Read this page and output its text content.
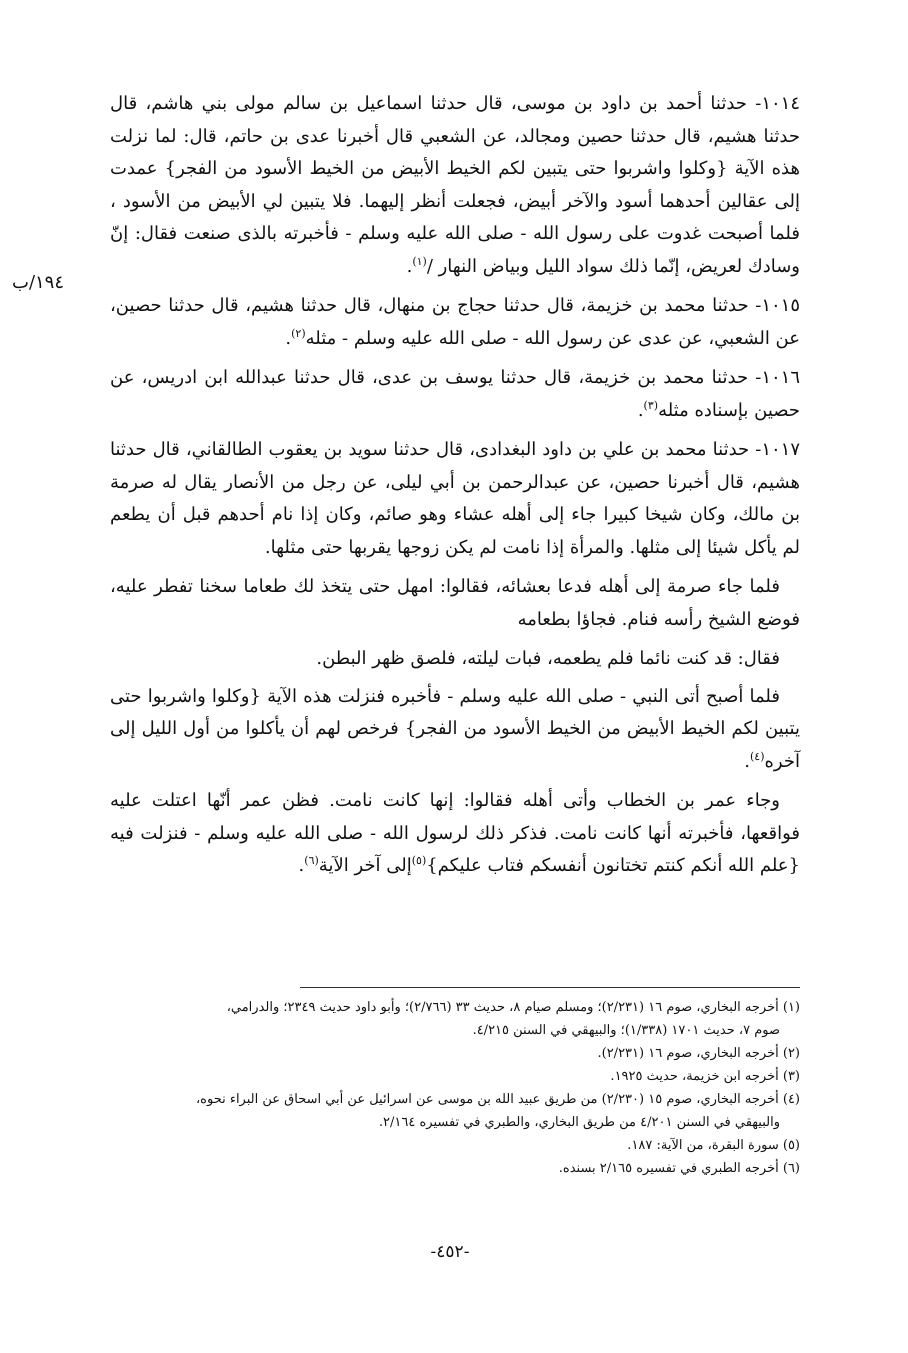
١٠١٤- حدثنا أحمد بن داود بن موسى، قال حدثنا اسماعيل بن سالم مولى بني هاشم، قال حدثنا هشيم، قال حدثنا حصين ومجالد، عن الشعبي قال أخبرنا عدى بن حاتم، قال: لما نزلت هذه الآية {وكلوا واشربوا حتى يتبين لكم الخيط الأبيض من الخيط الأسود من الفجر} عمدت إلى عقالين أحدهما أسود والآخر أبيض، فجعلت أنظر إليهما. فلا يتبين لي الأبيض من الأسود ، فلما أصبحت غدوت على رسول الله - صلى الله عليه وسلم - فأخبرته بالذى صنعت فقال: إنّ وسادك لعريض، إنّما ذلك سواد الليل وبياض النهار /$^{(١)}$.

١٠١٥- حدثنا محمد بن خزيمة، قال حدثنا حجاج بن منهال، قال حدثنا هشيم، قال حدثنا حصين، عن الشعبي، عن عدى عن رسول الله - صلى الله عليه وسلم - مثله$^{(٢)}$.

١٠١٦- حدثنا محمد بن خزيمة، قال حدثنا يوسف بن عدى، قال حدثنا عبدالله ابن ادريس، عن حصين بإسناده مثله$^{(٣)}$.

١٠١٧- حدثنا محمد بن علي بن داود البغدادى، قال حدثنا سويد بن يعقوب الطالقاني، قال حدثنا هشيم، قال أخبرنا حصين، عن عبدالرحمن بن أبي ليلى، عن رجل من الأنصار يقال له صرمة بن مالك، وكان شيخا كبيرا جاء إلى أهله عشاء وهو صائم، وكان إذا نام أحدهم قبل أن يطعم لم يأكل شيئا إلى مثلها. والمرأة إذا نامت لم يكن زوجها يقربها حتى مثلها.

فلما جاء صرمة إلى أهله فدعا بعشائه، فقالوا: امهل حتى يتخذ لك طعاما سخنا تفطر عليه، فوضع الشيخ رأسه فنام. فجاؤا بطعامه

فقال: قد كنت نائما فلم يطعمه، فبات ليلته، فلصق ظهر البطن.

فلما أصبح أتى النبي - صلى الله عليه وسلم - فأخبره فنزلت هذه الآية {وكلوا واشربوا حتى يتبين لكم الخيط الأبيض من الخيط الأسود من الفجر} فرخص لهم أن يأكلوا من أول الليل إلى آخره$^{(٤)}$.

وجاء عمر بن الخطاب وأتى أهله فقالوا: إنها كانت نامت. فظن عمر أنّها اعتلت عليه فواقعها، فأخبرته أنها كانت نامت. فذكر ذلك لرسول الله - صلى الله عليه وسلم - فنزلت فيه {علم الله أنكم كنتم تختانون أنفسكم فتاب عليكم}$^{(٥)}$إلى آخر الآية$^{(٦)}$.

١٩٤/ب

(١) أخرجه البخاري، صوم ١٦ (٢/٢٣١)؛ ومسلم صيام ٨، حديث ٣٣ (٢/٧٦٦)؛ وأبو داود حديث ٢٣٤٩؛ والدرامي،

صوم ٧، حديث ١٧٠١ (١/٣٣٨)؛ والبيهقي في السنن ٤/٢١٥.

(٢) أخرجه البخاري، صوم ١٦ (٢/٢٣١).

(٣) أخرجه ابن خزيمة، حديث ١٩٢٥.

(٤) أخرجه البخاري، صوم ١٥ (٢/٢٣٠) من طريق عبيد الله بن موسى عن اسرائيل عن أبي اسحاق عن البراء نحوه،

والبيهقي في السنن ٤/٢٠١ من طريق البخاري، والطبري في تفسيره ٢/١٦٤.

(٥) سورة البقرة، من الآية: ١٨٧.

(٦) أخرجه الطبري في تفسيره ٢/١٦٥ بسنده.

-٤٥٢-
